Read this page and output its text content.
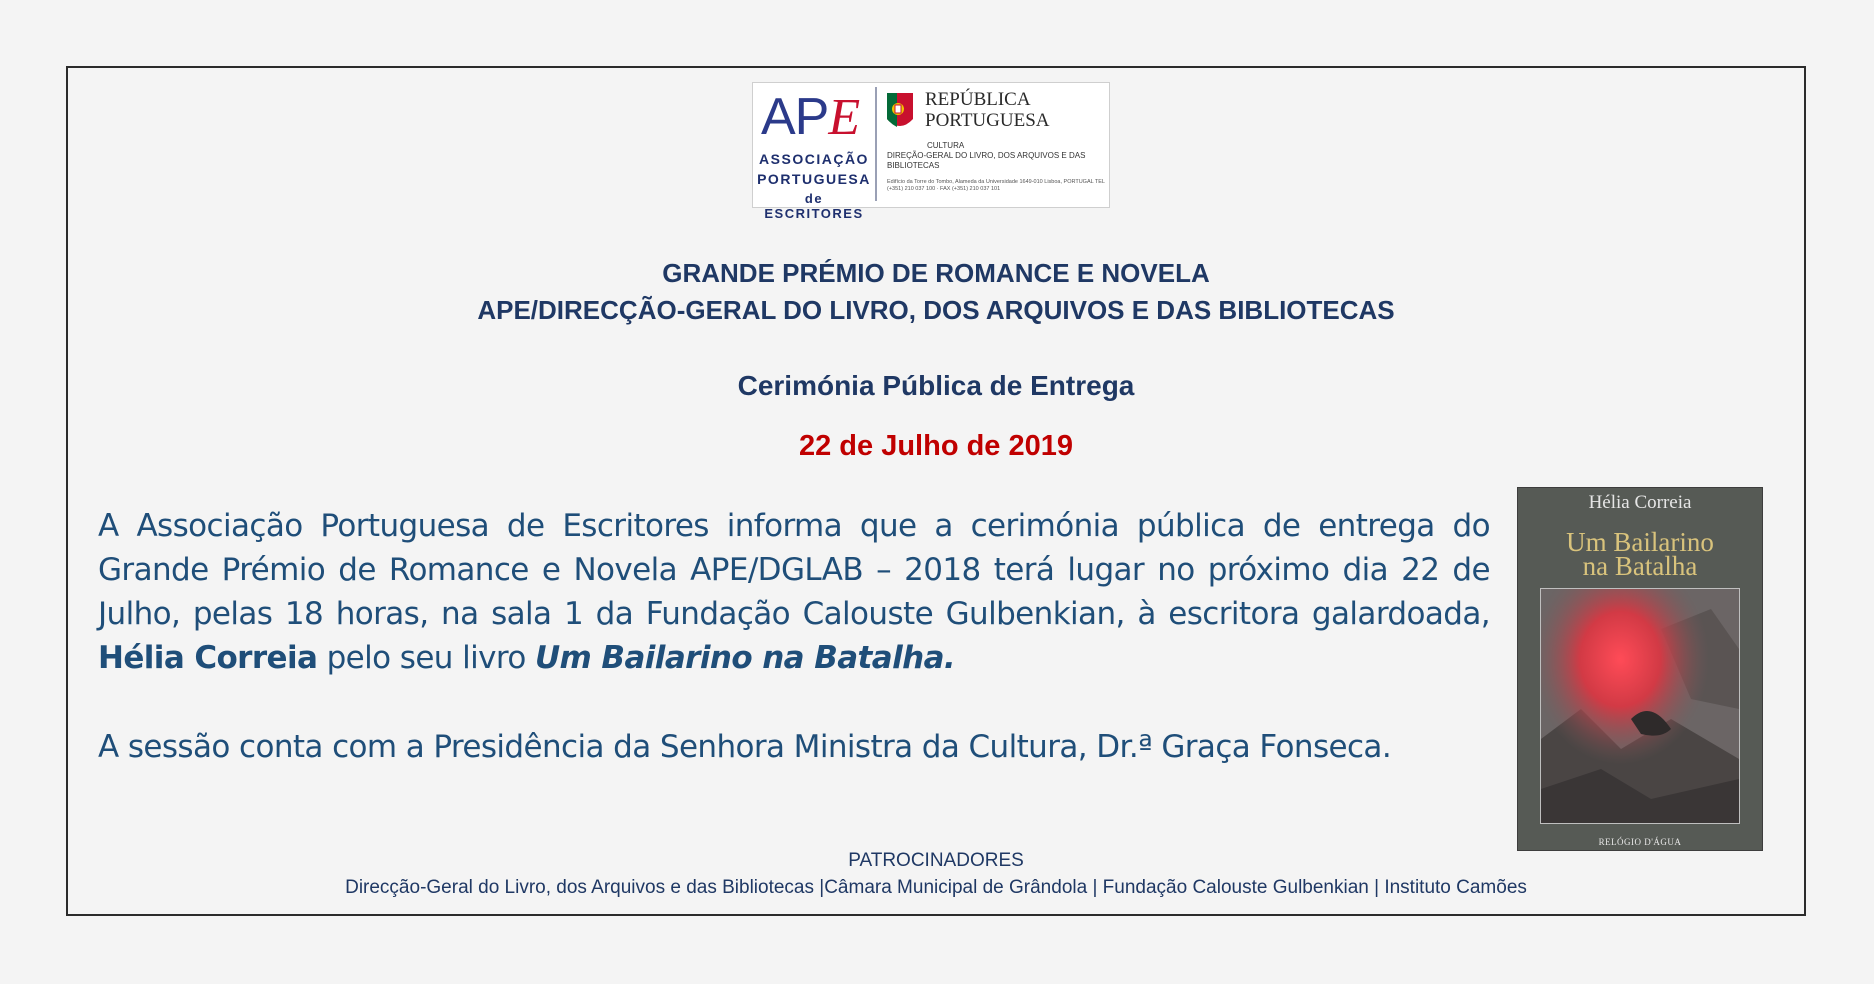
APE
ASSOCIAÇÃO
PORTUGUESA
de ESCRITORES
REPÚBLICA
PORTUGUESA
CULTURA
DIREÇÃO-GERAL DO LIVRO, DOS ARQUIVOS E DAS BIBLIOTECAS
Edifício da Torre do Tombo, Alameda da Universidade 1649-010 Lisboa, PORTUGAL TEL (+351) 210 037 100 · FAX (+351) 210 037 101
GRANDE PRÉMIO DE ROMANCE E NOVELA
APE/DIRECÇÃO-GERAL DO LIVRO, DOS ARQUIVOS E DAS BIBLIOTECAS
Cerimónia Pública de Entrega
22 de Julho de 2019
A Associação Portuguesa de Escritores informa que a cerimónia pública de entrega do Grande Prémio de Romance e Novela APE/DGLAB – 2018 terá lugar no próximo dia 22 de Julho, pelas 18 horas, na sala 1 da Fundação Calouste Gulbenkian, à escritora galardoada, Hélia Correia pelo seu livro Um Bailarino na Batalha.
A sessão conta com a Presidência da Senhora Ministra da Cultura, Dr.ª Graça Fonseca.
Hélia Correia
Um Bailarino
na Batalha
RELÓGIO D'ÁGUA
PATROCINADORES
Direcção-Geral do Livro, dos Arquivos e das Bibliotecas |Câmara Municipal de Grândola | Fundação Calouste Gulbenkian | Instituto Camões
